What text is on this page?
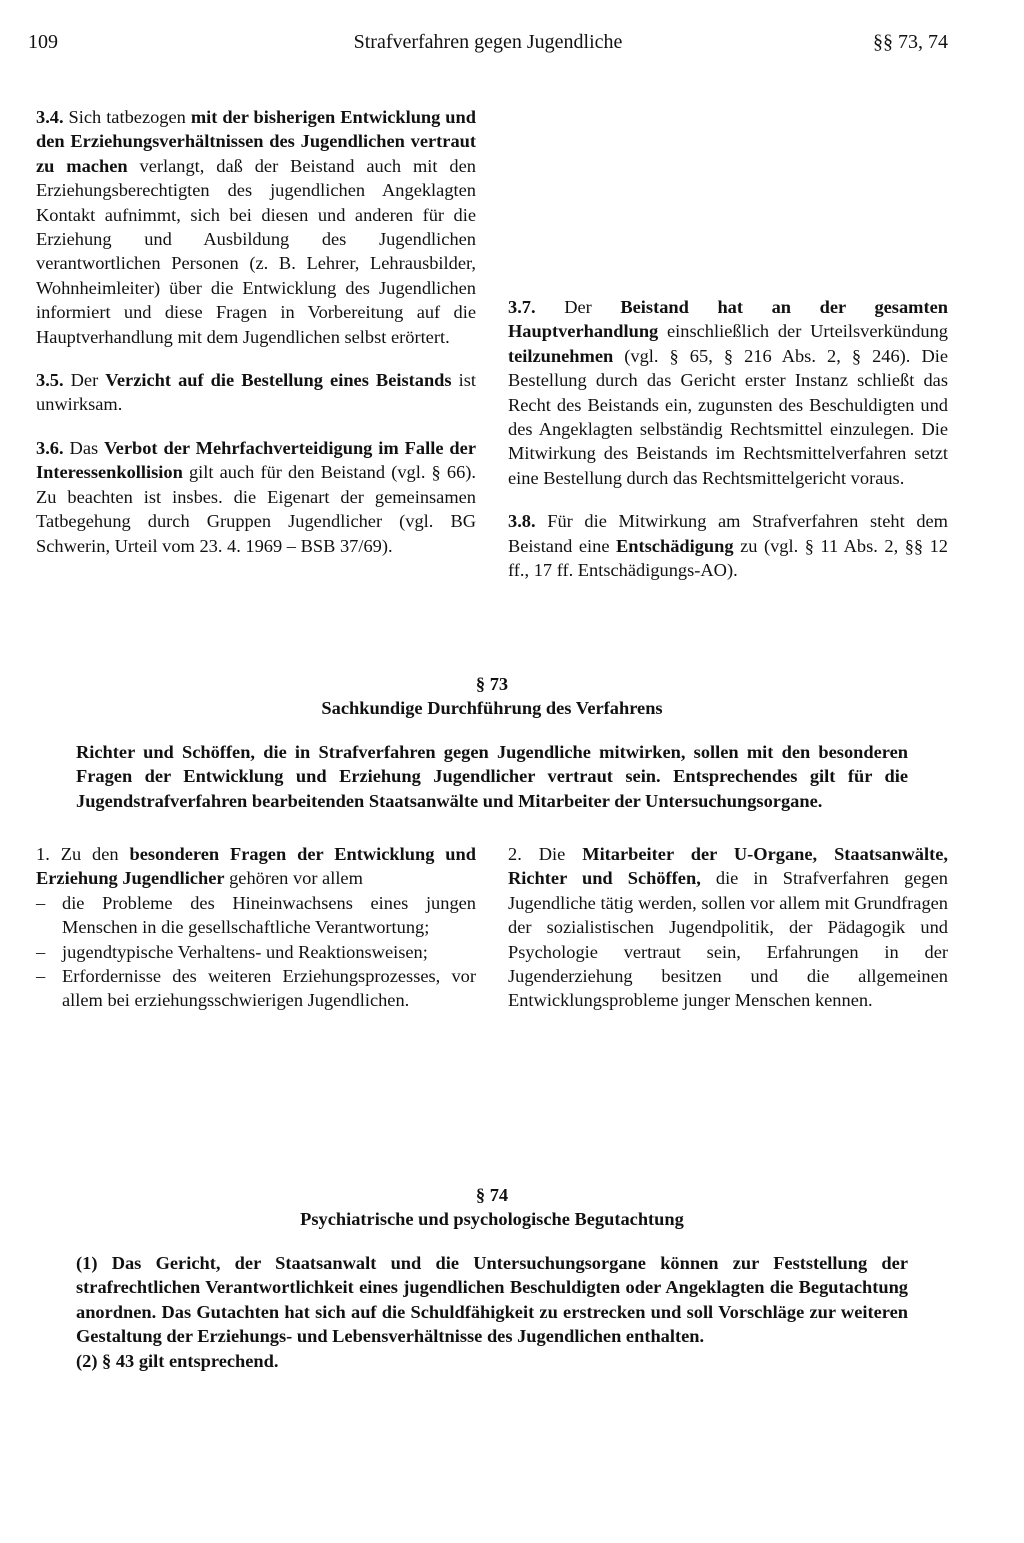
109	Strafverfahren gegen Jugendliche	§§ 73, 74

3.4. Sich tatbezogen mit der bisherigen Entwicklung und den Erziehungsverhältnissen des Jugendlichen vertraut zu machen verlangt, daß der Beistand auch mit den Erziehungsberechtigten des jugendlichen Angeklagten Kontakt aufnimmt, sich bei diesen und anderen für die Erziehung und Ausbildung des Jugendlichen verantwortlichen Personen (z. B. Lehrer, Lehrausbilder, Wohnheimleiter) über die Entwicklung des Jugendlichen informiert und diese Fragen in Vorbereitung auf die Hauptverhandlung mit dem Jugendlichen selbst erörtert.

3.5. Der Verzicht auf die Bestellung eines Beistands ist unwirksam.

3.6. Das Verbot der Mehrfachverteidigung im Falle der Interessenkollision gilt auch für den Beistand (vgl. § 66). Zu beachten ist insbes. die Eigenart der gemeinsamen Tatbegehung durch Gruppen Jugendlicher (vgl. BG Schwerin, Urteil vom 23. 4. 1969 – BSB 37/69).

3.7. Der Beistand hat an der gesamten Hauptverhandlung einschließlich der Urteilsverkündung teilzunehmen (vgl. § 65, § 216 Abs. 2, § 246). Die Bestellung durch das Gericht erster Instanz schließt das Recht des Beistands ein, zugunsten des Beschuldigten und des Angeklagten selbständig Rechtsmittel einzulegen. Die Mitwirkung des Beistands im Rechtsmittelverfahren setzt eine Bestellung durch das Rechtsmittelgericht voraus.

3.8. Für die Mitwirkung am Strafverfahren steht dem Beistand eine Entschädigung zu (vgl. § 11 Abs. 2, §§ 12 ff., 17 ff. Entschädigungs-AO).

§ 73
Sachkundige Durchführung des Verfahrens

Richter und Schöffen, die in Strafverfahren gegen Jugendliche mitwirken, sollen mit den besonderen Fragen der Entwicklung und Erziehung Jugendlicher vertraut sein. Entsprechendes gilt für die Jugendstrafverfahren bearbeitenden Staatsanwälte und Mitarbeiter der Untersuchungsorgane.

1. Zu den besonderen Fragen der Entwicklung und Erziehung Jugendlicher gehören vor allem
– die Probleme des Hineinwachsens eines jungen Menschen in die gesellschaftliche Verantwortung;
– jugendtypische Verhaltens- und Reaktionsweisen;
– Erfordernisse des weiteren Erziehungsprozesses, vor allem bei erziehungsschwierigen Jugendlichen.
2. Die Mitarbeiter der U-Organe, Staatsanwälte, Richter und Schöffen, die in Strafverfahren gegen Jugendliche tätig werden, sollen vor allem mit Grundfragen der sozialistischen Jugendpolitik, der Pädagogik und Psychologie vertraut sein, Erfahrungen in der Jugenderziehung besitzen und die allgemeinen Entwicklungsprobleme junger Menschen kennen.
§ 74
Psychiatrische und psychologische Begutachtung

(1) Das Gericht, der Staatsanwalt und die Untersuchungsorgane können zur Feststellung der strafrechtlichen Verantwortlichkeit eines jugendlichen Beschuldigten oder Angeklagten die Begutachtung anordnen. Das Gutachten hat sich auf die Schuldfähigkeit zu erstrecken und soll Vorschläge zur weiteren Gestaltung der Erziehungs- und Lebensverhältnisse des Jugendlichen enthalten.

(2) § 43 gilt entsprechend.
